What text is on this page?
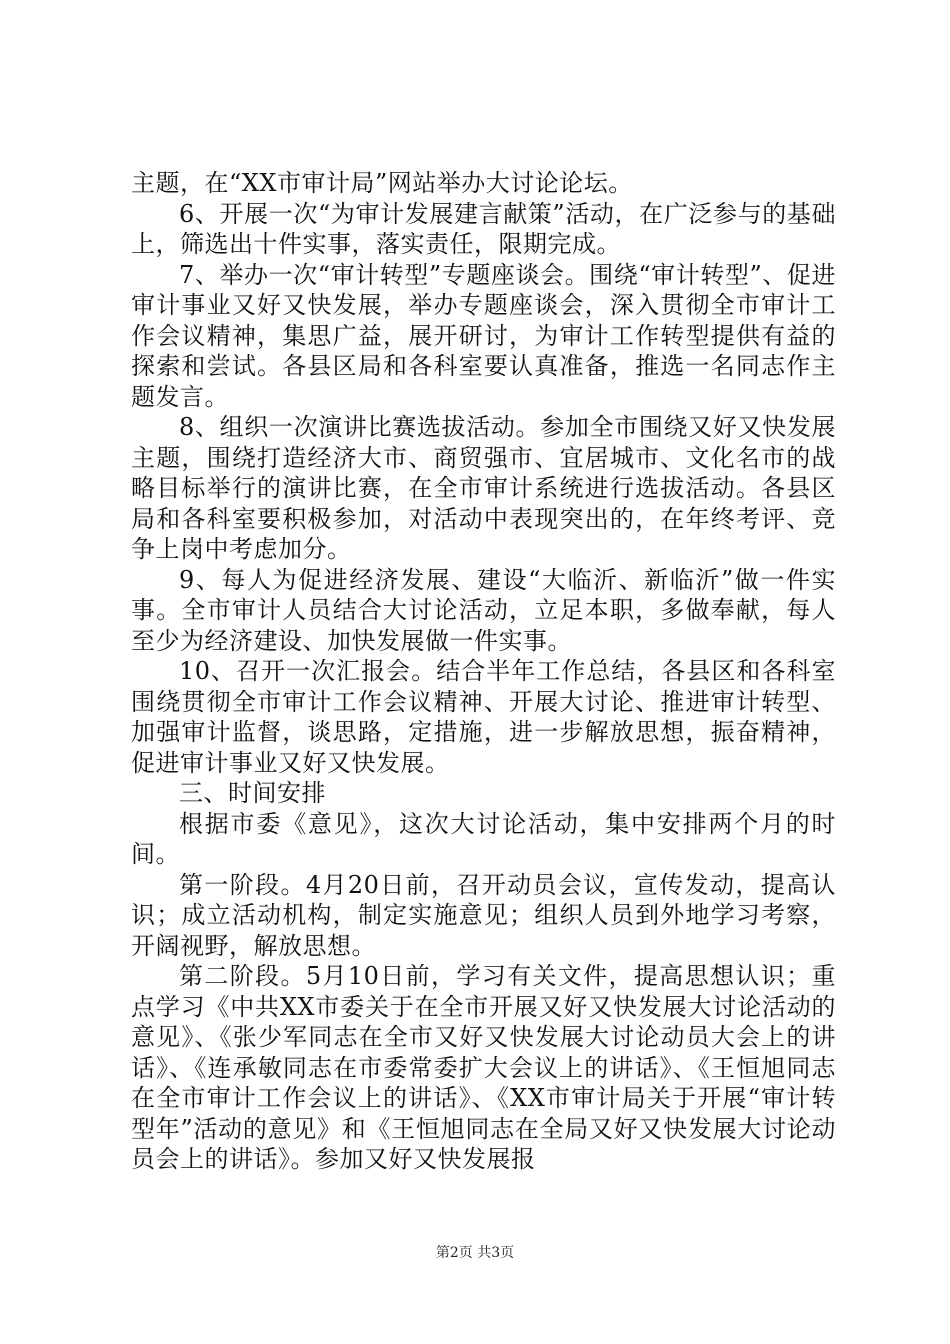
主题，在“XX市审计局”网站举办大讨论论坛。

6、开展一次“为审计发展建言献策”活动，在广泛参与的基础上，筛选出十件实事，落实责任，限期完成。

7、举办一次“审计转型”专题座谈会。围绕“审计转型”、促进审计事业又好又快发展，举办专题座谈会，深入贯彻全市审计工作会议精神，集思广益，展开研讨，为审计工作转型提供有益的探索和尝试。各县区局和各科室要认真准备，推选一名同志作主题发言。

8、组织一次演讲比赛选拔活动。参加全市围绕又好又快发展主题，围绕打造经济大市、商贸强市、宜居城市、文化名市的战略目标举行的演讲比赛，在全市审计系统进行选拔活动。各县区局和各科室要积极参加，对活动中表现突出的，在年终考评、竞争上岗中考虑加分。

9、每人为促进经济发展、建设“大临沂、新临沂”做一件实事。全市审计人员结合大讨论活动，立足本职，多做奉献，每人至少为经济建设、加快发展做一件实事。

10、召开一次汇报会。结合半年工作总结，各县区和各科室围绕贯彻全市审计工作会议精神、开展大讨论、推进审计转型、加强审计监督，谈思路，定措施，进一步解放思想，振奋精神，促进审计事业又好又快发展。

三、时间安排

根据市委《意见》，这次大讨论活动，集中安排两个月的时间。

第一阶段。4月20日前，召开动员会议，宣传发动，提高认识；成立活动机构，制定实施意见；组织人员到外地学习考察，开阔视野，解放思想。

第二阶段。5月10日前，学习有关文件，提高思想认识；重点学习《中共XX市委关于在全市开展又好又快发展大讨论活动的意见》、《张少军同志在全市又好又快发展大讨论动员大会上的讲话》、《连承敏同志在市委常委扩大会议上的讲话》、《王恒旭同志在全市审计工作会议上的讲话》、《XX市审计局关于开展“审计转型年”活动的意见》和《王恒旭同志在全局又好又快发展大讨论动员会上的讲话》。参加又好又快发展报

第2页 共3页
